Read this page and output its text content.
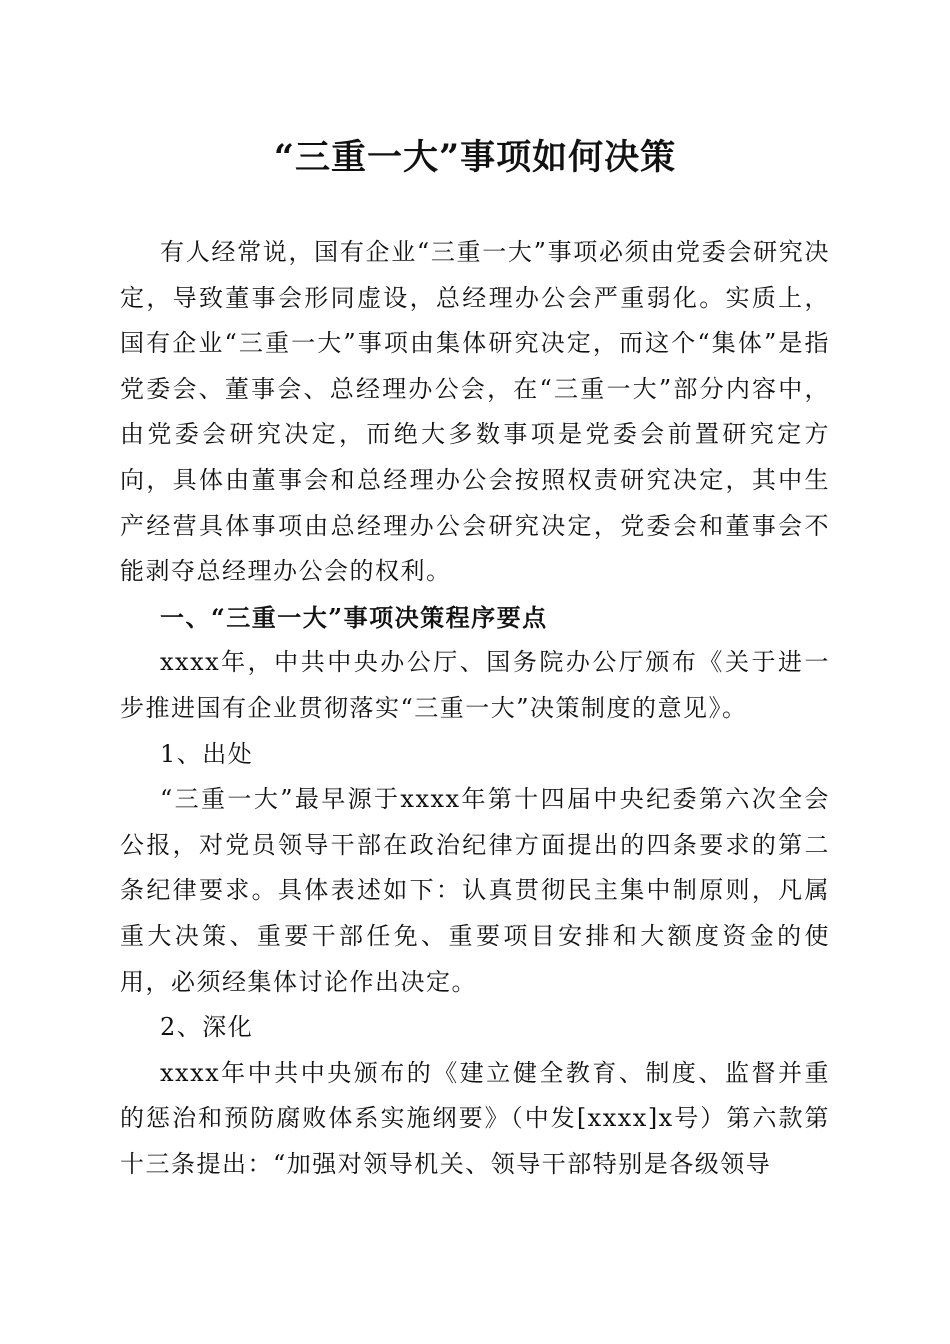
“三重一大”事项如何决策

有人经常说，国有企业“三重一大”事项必须由党委会研究决定，导致董事会形同虚设，总经理办公会严重弱化。实质上，国有企业“三重一大”事项由集体研究决定，而这个“集体”是指党委会、董事会、总经理办公会，在“三重一大”部分内容中，由党委会研究决定，而绝大多数事项是党委会前置研究定方向，具体由董事会和总经理办公会按照权责研究决定，其中生产经营具体事项由总经理办公会研究决定，党委会和董事会不能剥夺总经理办公会的权利。

一、“三重一大”事项决策程序要点

xxxx年，中共中央办公厅、国务院办公厅颁布《关于进一步推进国有企业贯彻落实“三重一大”决策制度的意见》。

1、出处

“三重一大”最早源于xxxx年第十四届中央纪委第六次全会公报，对党员领导干部在政治纪律方面提出的四条要求的第二条纪律要求。具体表述如下：认真贯彻民主集中制原则，凡属重大决策、重要干部任免、重要项目安排和大额度资金的使用，必须经集体讨论作出决定。

2、深化

xxxx年中共中央颁布的《建立健全教育、制度、监督并重的惩治和预防腐败体系实施纲要》（中发[xxxx]x号）第六款第十三条提出：“加强对领导机关、领导干部特别是各级领导
